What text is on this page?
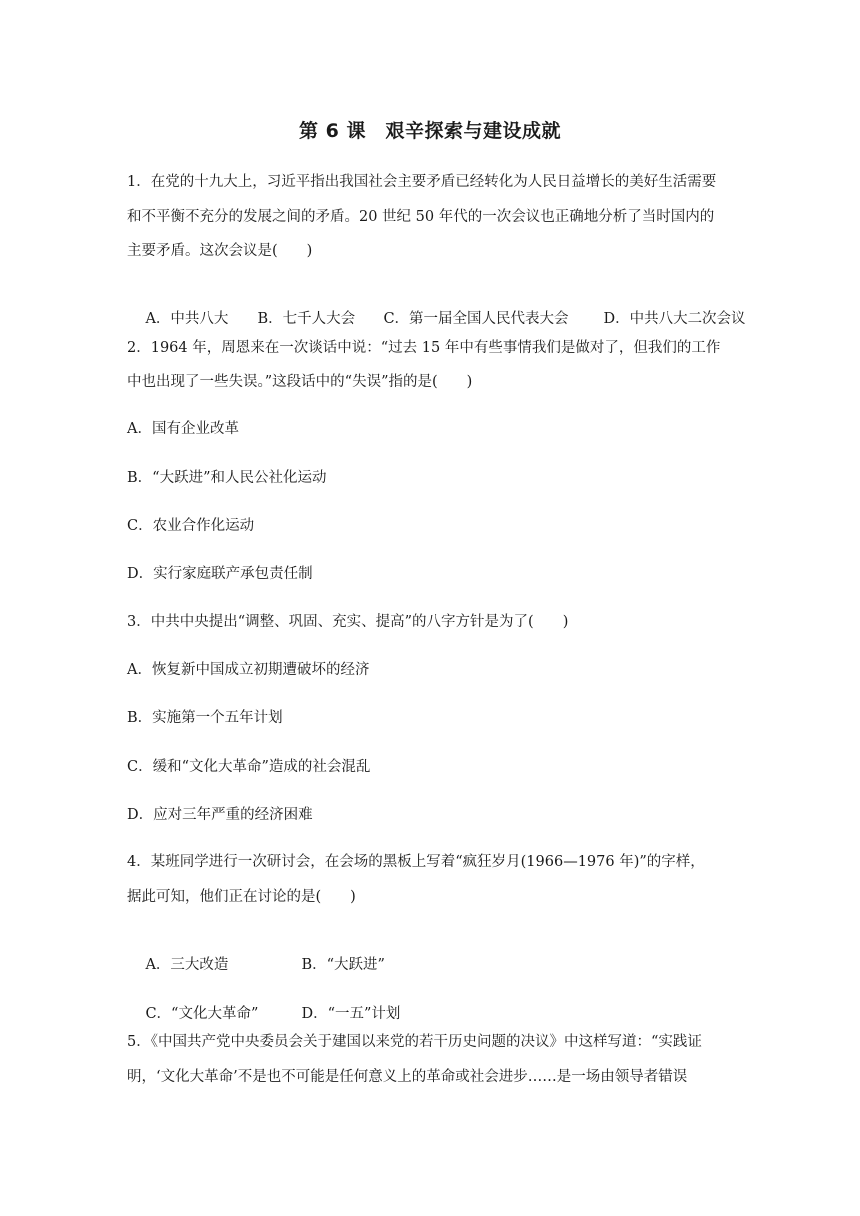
第 6 课　艰辛探索与建设成就
1．在党的十九大上，习近平指出我国社会主要矛盾已经转化为人民日益增长的美好生活需要
和不平衡不充分的发展之间的矛盾。20 世纪 50 年代的一次会议也正确地分析了当时国内的
主要矛盾。这次会议是(　　)

A．中共八大 B．七千人大会 C．第一届全国人民代表大会 D．中共八大二次会议

2．1964 年，周恩来在一次谈话中说：“过去 15 年中有些事情我们是做对了，但我们的工作
中也出现了一些失误。”这段话中的“失误”指的是(　　)
A．国有企业改革
B．“大跃进”和人民公社化运动
C．农业合作化运动
D．实行家庭联产承包责任制
3．中共中央提出“调整、巩固、充实、提高”的八字方针是为了(　　)
A．恢复新中国成立初期遭破坏的经济
B．实施第一个五年计划
C．缓和“文化大革命”造成的社会混乱
D．应对三年严重的经济困难
4．某班同学进行一次研讨会，在会场的黑板上写着“疯狂岁月(1966—1976 年)”的字样，
据此可知，他们正在讨论的是(　　)

A．三大改造	B．“大跃进”

C．“文化大革命”	D．“一五”计划

5．《中国共产党中央委员会关于建国以来党的若干历史问题的决议》中这样写道：“实践证
明，‘文化大革命’不是也不可能是任何意义上的革命或社会进步……是一场由领导者错误
